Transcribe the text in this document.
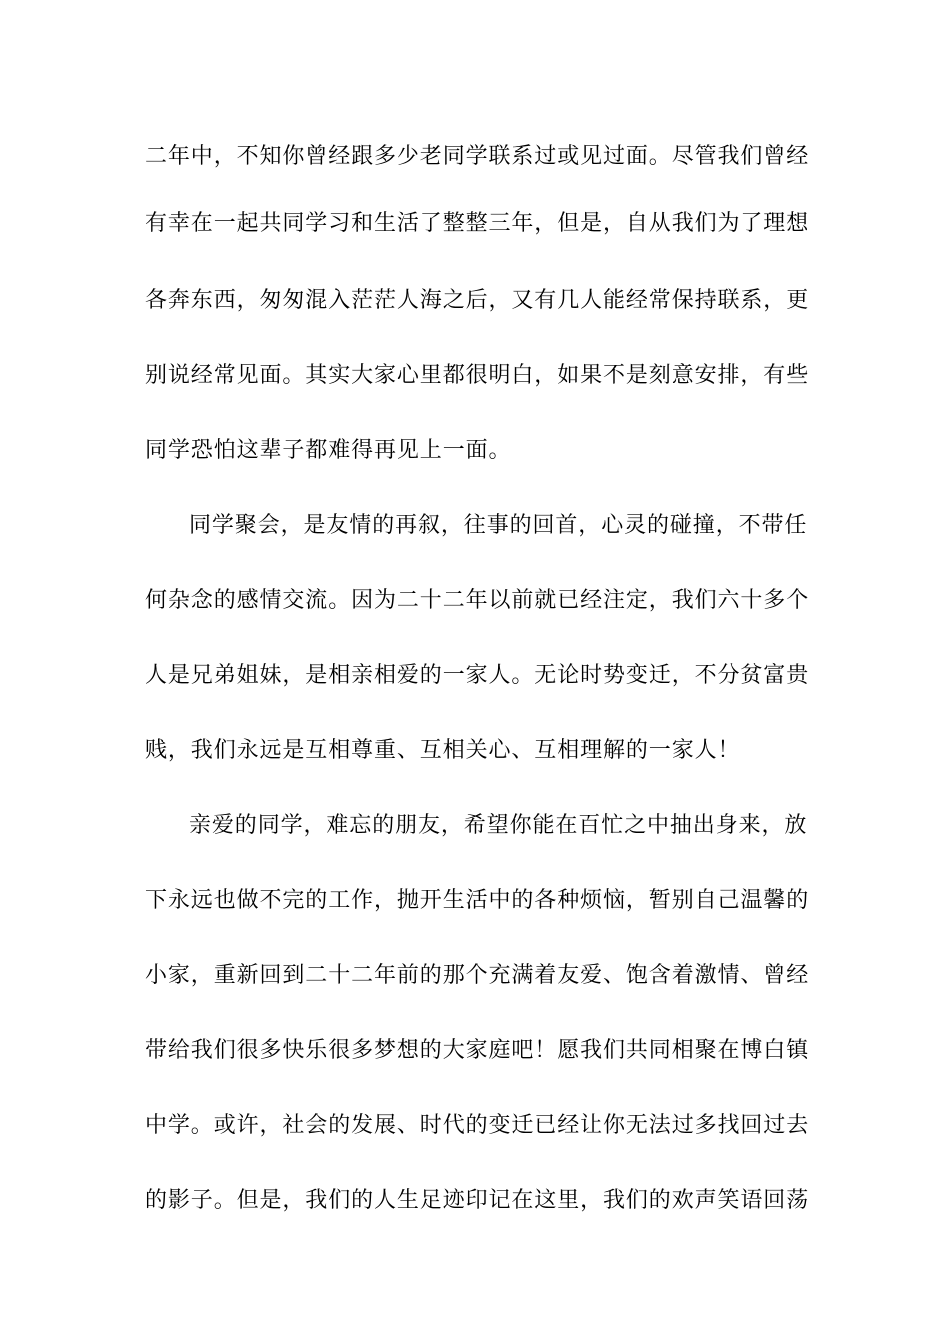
二年中，不知你曾经跟多少老同学联系过或见过面。尽管我们曾经
有幸在一起共同学习和生活了整整三年，但是，自从我们为了理想
各奔东西，匆匆混入茫茫人海之后，又有几人能经常保持联系，更
别说经常见面。其实大家心里都很明白，如果不是刻意安排，有些
同学恐怕这辈子都难得再见上一面。
同学聚会，是友情的再叙，往事的回首，心灵的碰撞，不带任
何杂念的感情交流。因为二十二年以前就已经注定，我们六十多个
人是兄弟姐妹，是相亲相爱的一家人。无论时势变迁，不分贫富贵
贱，我们永远是互相尊重、互相关心、互相理解的一家人！
亲爱的同学，难忘的朋友，希望你能在百忙之中抽出身来，放
下永远也做不完的工作，抛开生活中的各种烦恼，暂别自己温馨的
小家，重新回到二十二年前的那个充满着友爱、饱含着激情、曾经
带给我们很多快乐很多梦想的大家庭吧！愿我们共同相聚在博白镇
中学。或许，社会的发展、时代的变迁已经让你无法过多找回过去
的影子。但是，我们的人生足迹印记在这里，我们的欢声笑语回荡
